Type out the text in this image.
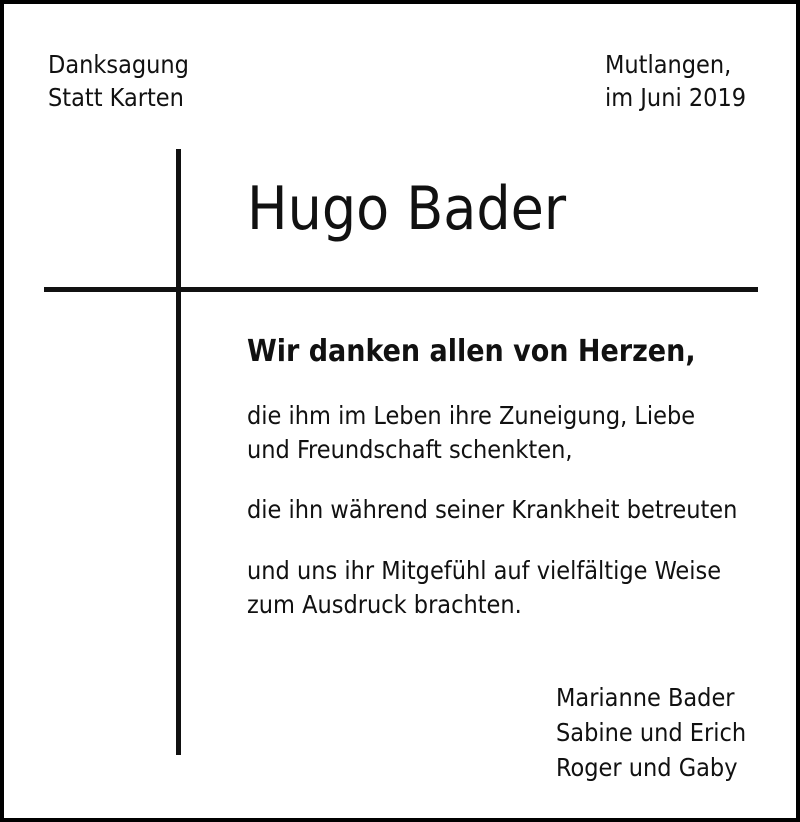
Danksagung
Statt Karten
Mutlangen,
im Juni 2019
Hugo Bader
Wir danken allen von Herzen,
die ihm im Leben ihre Zuneigung, Liebe
und Freundschaft schenkten,
die ihn während seiner Krankheit betreuten
und uns ihr Mitgefühl auf vielfältige Weise
zum Ausdruck brachten.
Marianne Bader
Sabine und Erich
Roger und Gaby
